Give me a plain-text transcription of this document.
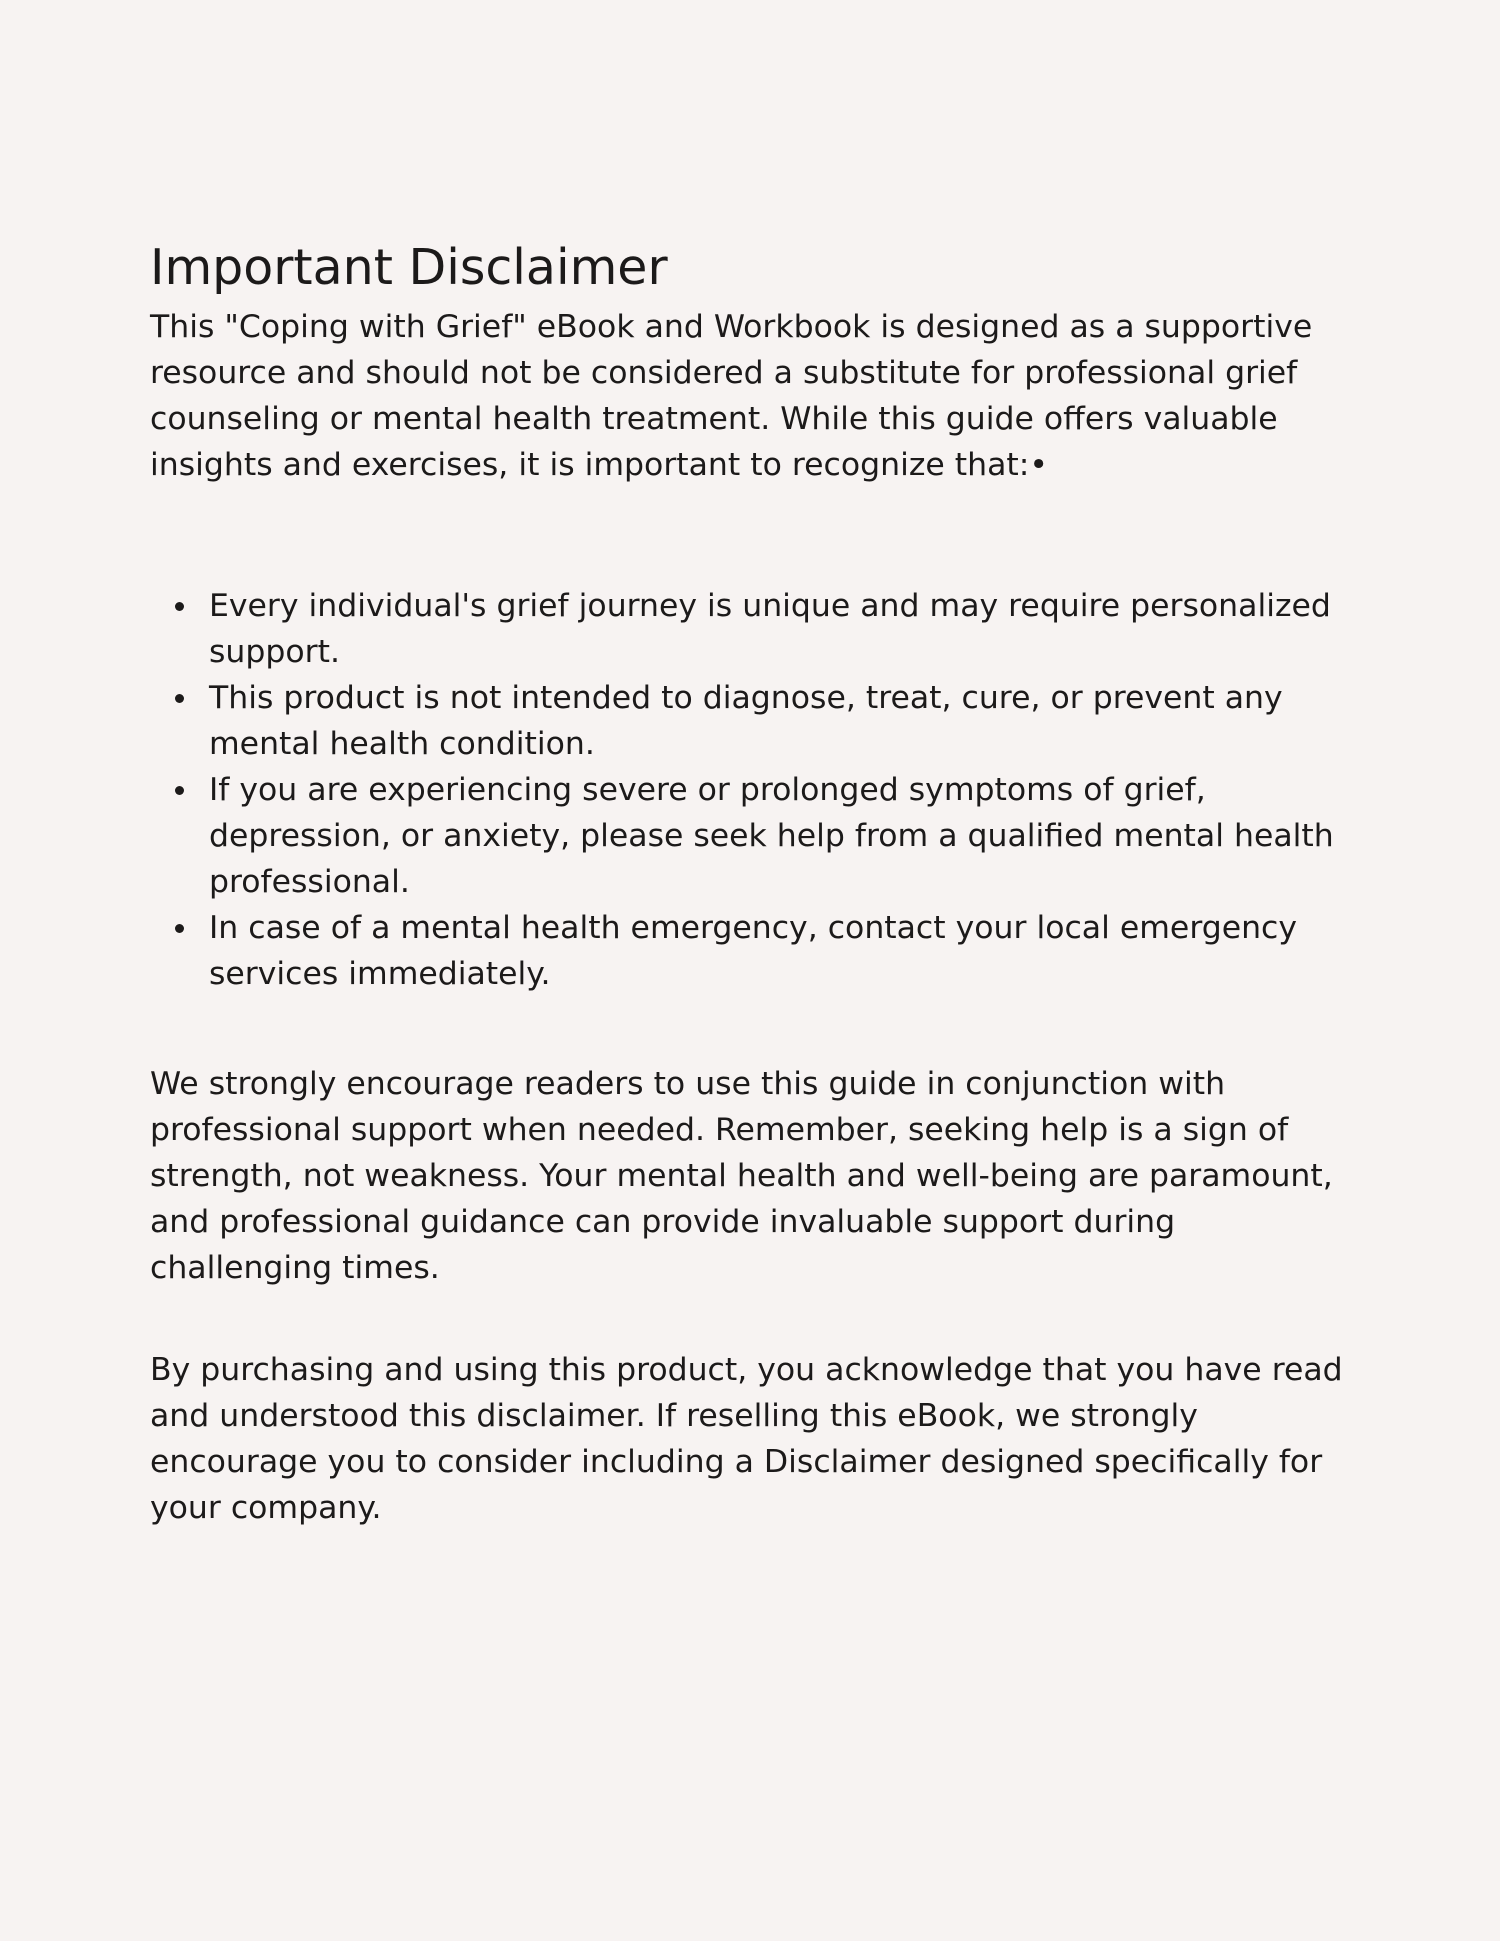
Important Disclaimer

This "Coping with Grief" eBook and Workbook is designed as a supportive resource and should not be considered a substitute for professional grief counseling or mental health treatment. While this guide offers valuable insights and exercises, it is important to recognize that:•

Every individual's grief journey is unique and may require personalized support.
This product is not intended to diagnose, treat, cure, or prevent any mental health condition.
If you are experiencing severe or prolonged symptoms of grief, depression, or anxiety, please seek help from a qualified mental health professional.
In case of a mental health emergency, contact your local emergency services immediately.

We strongly encourage readers to use this guide in conjunction with professional support when needed. Remember, seeking help is a sign of strength, not weakness. Your mental health and well-being are paramount, and professional guidance can provide invaluable support during challenging times.

By purchasing and using this product, you acknowledge that you have read and understood this disclaimer. If reselling this eBook, we strongly encourage you to consider including a Disclaimer designed specifically for your company.
